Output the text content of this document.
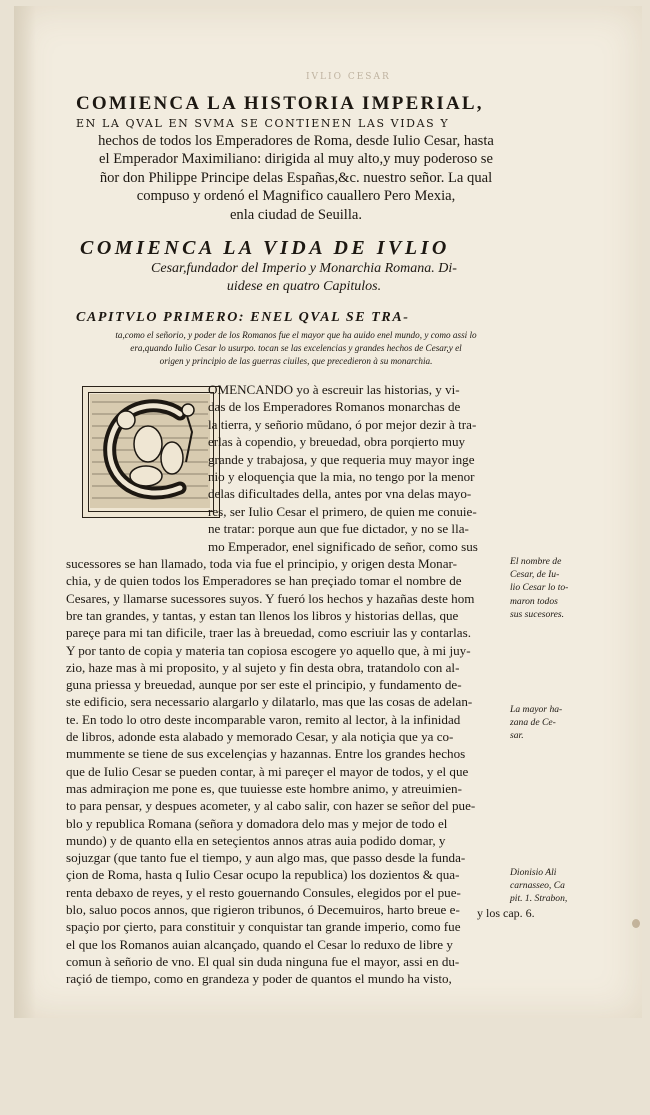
IVLIO CESAR
COMIENCA LA HISTORIA IMPERIAL,
EN LA QVAL EN SVMA SE CONTIENEN LAS VIDAS Y
hechos de todos los Emperadores de Roma, desde Iulio Cesar, hasta
el Emperador Maximiliano: dirigida al muy alto,y muy poderoso se
ñor don Philippe Principe delas Españas,&c. nuestro señor. La qual
compuso y ordenó el Magnifico cauallero Pero Mexia,
enla ciudad de Seuilla.
COMIENCA LA VIDA DE IVLIO
Cesar,fundador del Imperio y Monarchia Romana. Di-
uidese en quatro Capitulos.
CAPITVLO PRIMERO: ENEL QVAL SE TRA-
ta,como el señorio, y poder de los Romanos fue el mayor que ha auido enel mundo, y como assi lo
era,quando Iulio Cesar lo usurpo. tocan se las excelencias y grandes hechos de Cesar,y el
origen y principio de las guerras ciuiles, que precedieron à su monarchia.
OMENCANDO yo à escreuir las historias, y vi-
das de los Emperadores Romanos monarchas de
la tierra, y señorio mũdano, ó por mejor dezir à tra-
erlas à copendio, y breuedad, obra porqierto muy
grande y trabajosa, y que requeria muy mayor inge
nio y eloquençia que la mia, no tengo por la menor
delas dificultades della, antes por vna delas mayo-
res, ser Iulio Cesar el primero, de quien me conuie-
ne tratar: porque aun que fue dictador, y no se lla-
mo Emperador, enel significado de señor, como sus
sucessores se han llamado, toda via fue el principio, y origen desta Monar-
chia, y de quien todos los Emperadores se han preçiado tomar el nombre de
Cesares, y llamarse sucessores suyos. Y fueró los hechos y hazañas deste hom
bre tan grandes, y tantas, y estan tan llenos los libros y historias dellas, que
pareçe para mi tan dificile, traer las à breuedad, como escriuir las y contarlas.
Y por tanto de copia y materia tan copiosa escogere yo aquello que, à mi juy-
zio, haze mas à mi proposito, y al sujeto y fin desta obra, tratandolo con al-
guna priessa y breuedad, aunque por ser este el principio, y fundamento de-
ste edificio, sera necessario alargarlo y dilatarlo, mas que las cosas de adelan-
te. En todo lo otro deste incomparable varon, remito al lector, à la infinidad
de libros, adonde esta alabado y memorado Cesar, y ala notiçia que ya co-
mummente se tiene de sus excelençias y hazannas. Entre los grandes hechos
que de Iulio Cesar se pueden contar, à mi pareçer el mayor de todos, y el que
mas admiraçion me pone es, que tuuiesse este hombre animo, y atreuimien-
to para pensar, y despues acometer, y al cabo salir, con hazer se señor del pue-
blo y republica Romana (señora y domadora delo mas y mejor de todo el
mundo) y de quanto ella en seteçientos annos atras auia podido domar, y
sojuzgar (que tanto fue el tiempo, y aun algo mas, que passo desde la funda-
çion de Roma, hasta q Iulio Cesar ocupo la republica) los dozientos & qua-
renta debaxo de reyes, y el resto gouernando Consules, elegidos por el pue-
blo, saluo pocos annos, que rigieron tribunos, ó Decemuiros, harto breue e-
spaçio por çierto, para constituir y conquistar tan grande imperio, como fue
el que los Romanos auian alcançado, quando el Cesar lo reduxo de libre y
comun à señorio de vno. El qual sin duda ninguna fue el mayor, assi en du-
raçió de tiempo, como en grandeza y poder de quantos el mundo ha visto,
El nombre de
Cesar, de Iu-
lio Cesar lo to-
maron todos
sus sucesores.
La mayor ha-
zana de Ce-
sar.
Dionisio Ali
carnasseo, Ca
pit. 1. Strabon,
y los cap. 6.
